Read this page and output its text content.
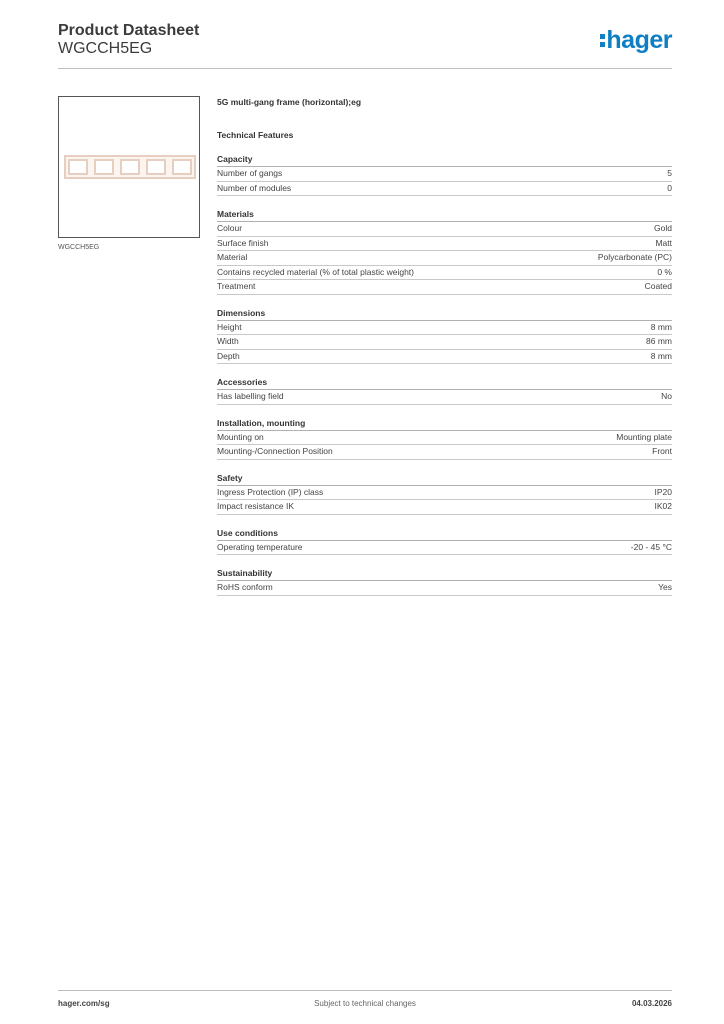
Product Datasheet
WGCCH5EG	hager
WGCCH5EG
5G multi-gang frame (horizontal);eg
Technical Features
Capacity
Number of gangs	5
Number of modules	0
Materials
Colour	Gold
Surface finish	Matt
Material	Polycarbonate (PC)
Contains recycled material (% of total plastic weight)	0 %
Treatment	Coated
Dimensions
Height	8 mm
Width	86 mm
Depth	8 mm
Accessories
Has labelling field	No
Installation, mounting
Mounting on	Mounting plate
Mounting-/Connection Position	Front
Safety
Ingress Protection (IP) class	IP20
Impact resistance IK	IK02
Use conditions
Operating temperature	-20 - 45 °C
Sustainability
RoHS conform	Yes
hager.com/sg	Subject to technical changes	04.03.2026
